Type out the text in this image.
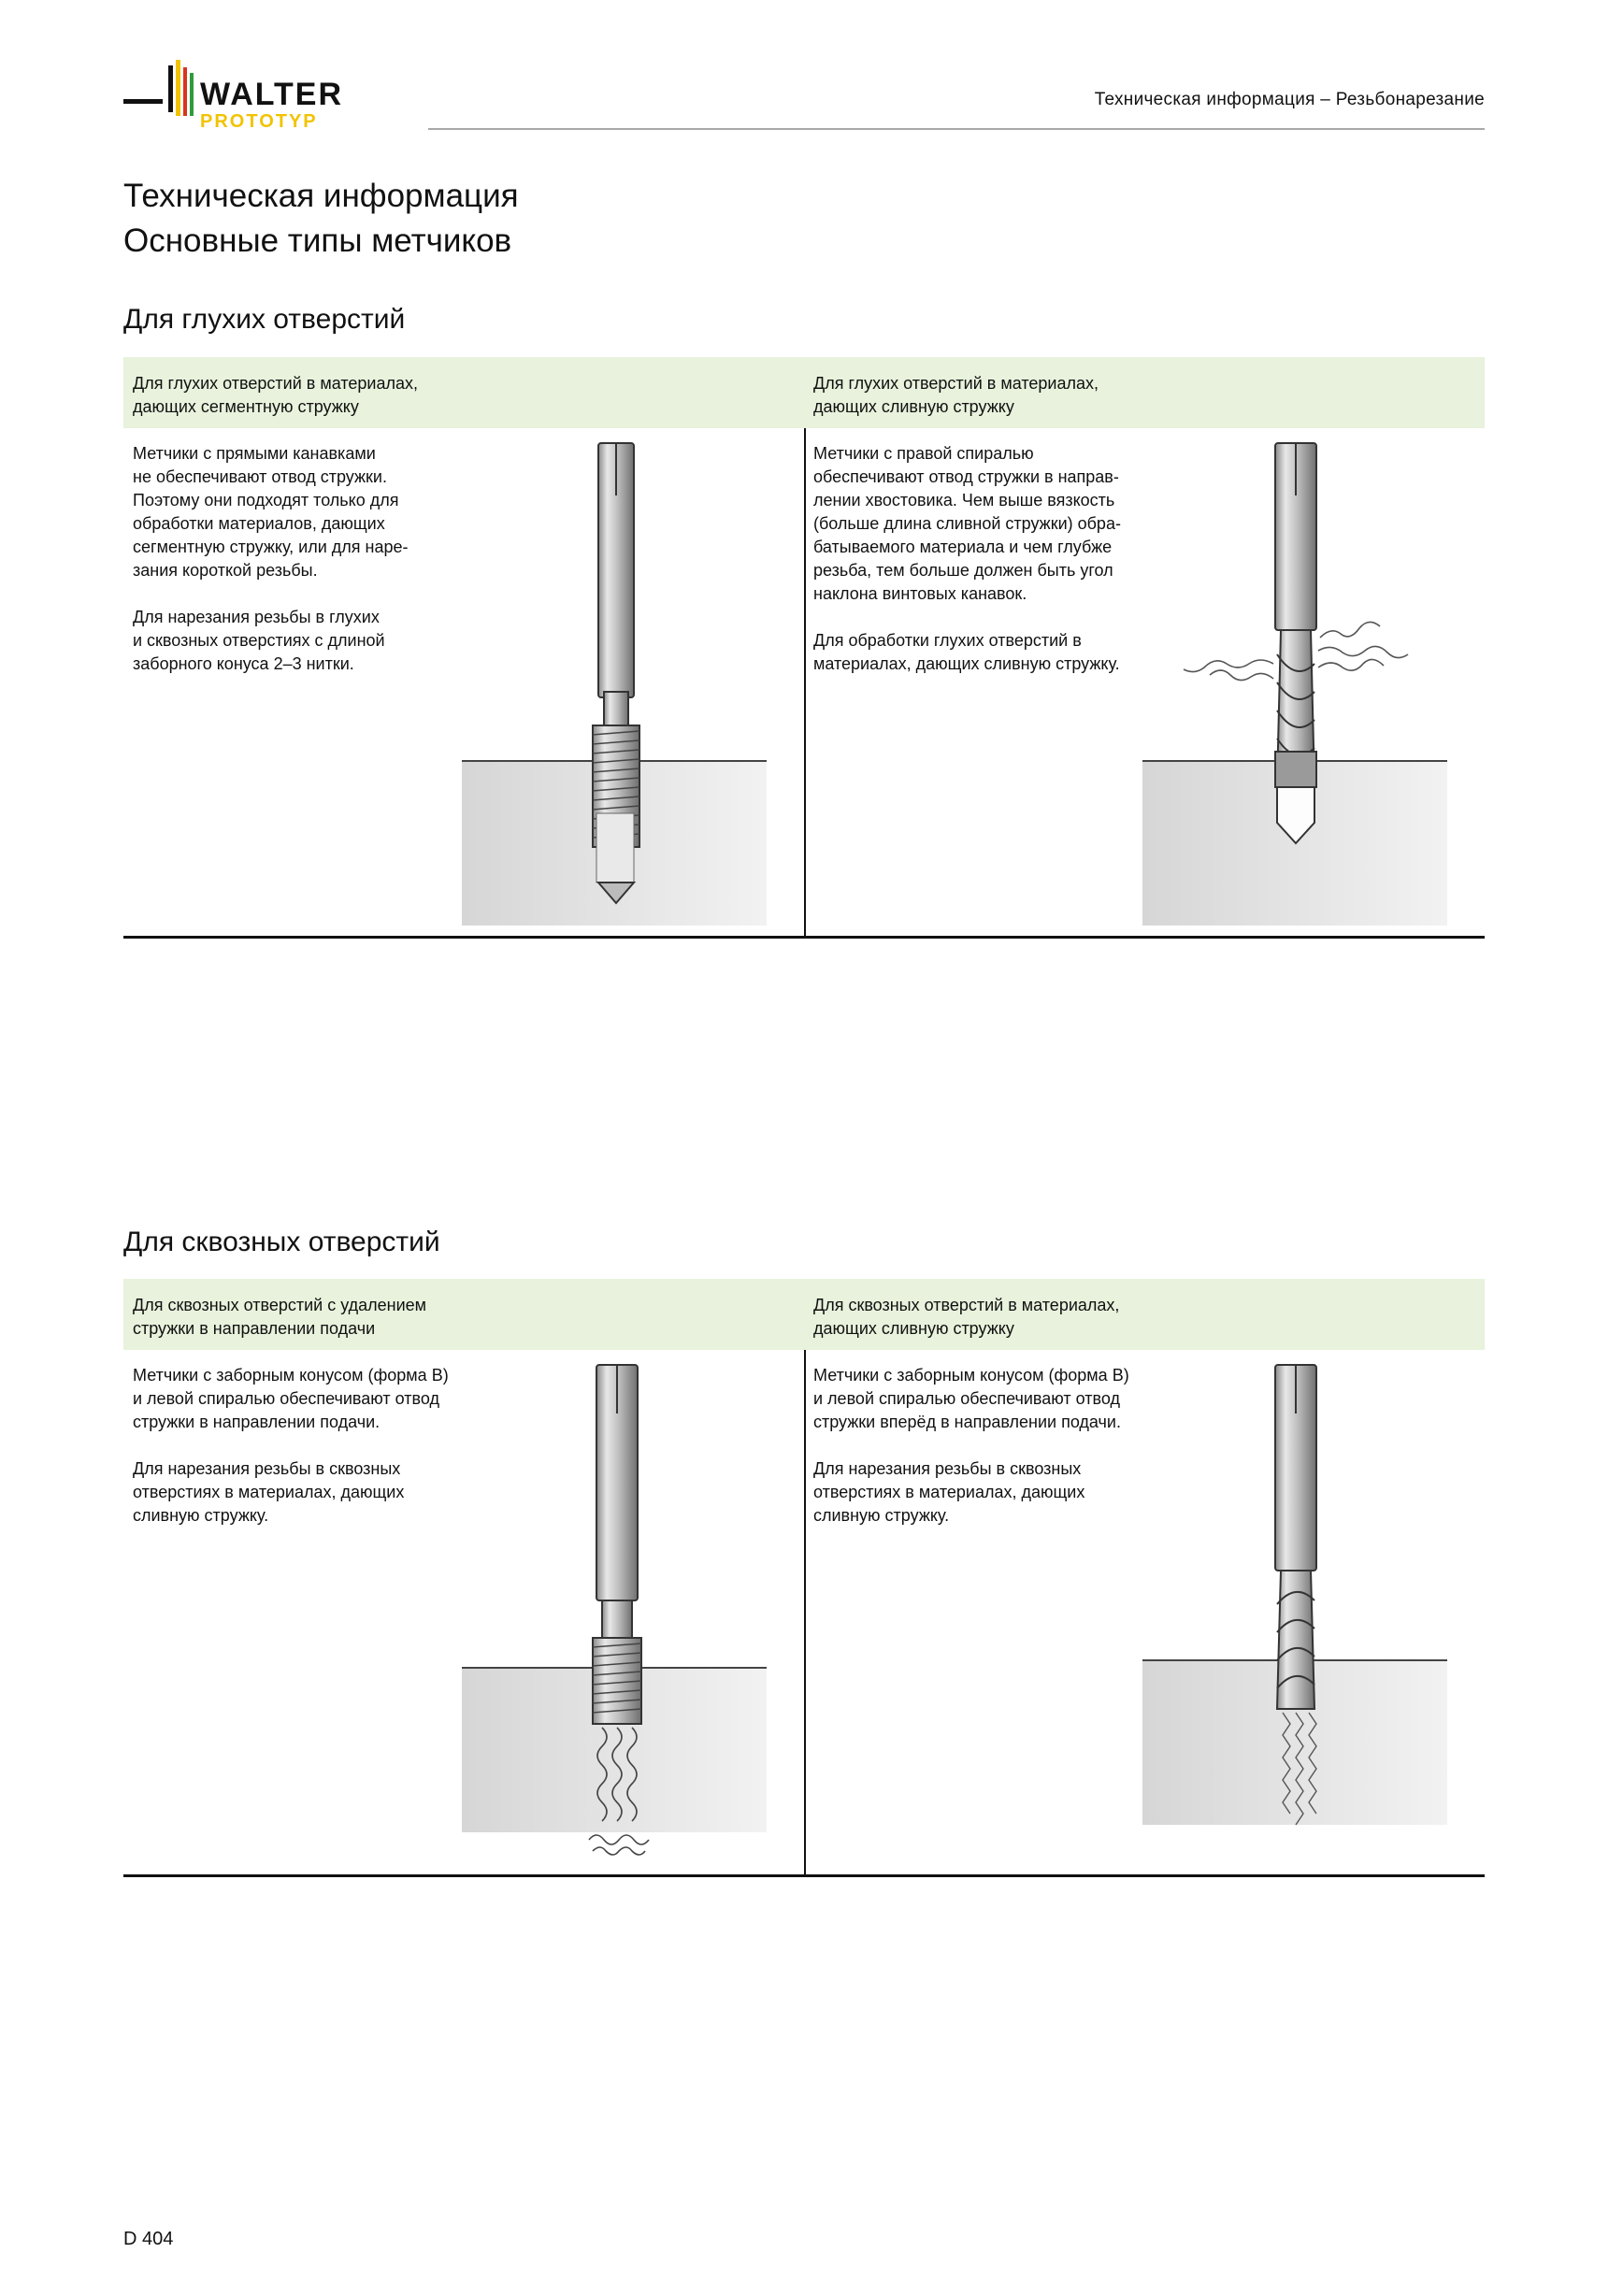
WALTER
PROTOTYP
Техническая информация – Резьбонарезание
Техническая информация
Основные типы метчиков
Для глухих отверстий
Для глухих отверстий в материалах,
дающих сегментную стружку
Для глухих отверстий в материалах,
дающих сливную стружку
Метчики с прямыми канавками
не обеспечивают отвод стружки.
Поэтому они подходят только для
обработки материалов, дающих
сегментную стружку, или для наре-
зания короткой резьбы.

Для нарезания резьбы в глухих
и сквозных отверстиях с длиной
заборного конуса 2–3 нитки.
Метчики с правой спиралью
обеспечивают отвод стружки в направ-
лении хвостовика. Чем выше вязкость
(больше длина сливной стружки) обра-
батываемого материала и чем глубже
резьба, тем больше должен быть угол
наклона винтовых канавок.

Для обработки глухих отверстий в
материалах, дающих сливную стружку.
Для сквозных отверстий
Для сквозных отверстий с удалением
стружки в направлении подачи
Для сквозных отверстий в материалах,
дающих сливную стружку
Метчики с заборным конусом (форма B)
и левой спиралью обеспечивают отвод
стружки в направлении подачи.

Для нарезания резьбы в сквозных
отверстиях в материалах, дающих
сливную стружку.
Метчики с заборным конусом (форма B)
и левой спиралью обеспечивают отвод
стружки вперёд в направлении подачи.

Для нарезания резьбы в сквозных
отверстиях в материалах, дающих
сливную стружку.
D 404
